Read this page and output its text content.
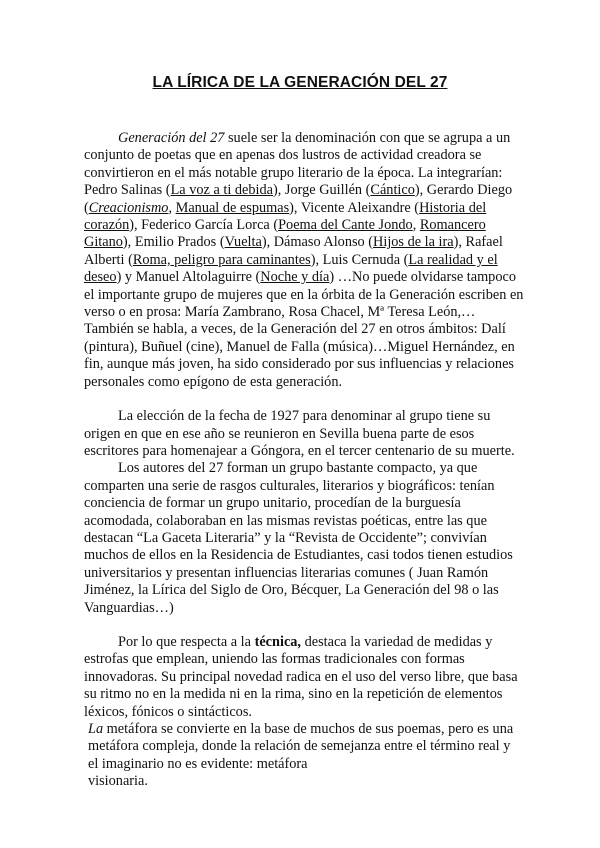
LA LÍRICA DE LA GENERACIÓN DEL 27

Generación del 27 suele ser la denominación con que se agrupa a un conjunto de poetas que en apenas dos lustros de actividad creadora se convirtieron en el más notable grupo literario de la época. La integrarían: Pedro Salinas (La voz a ti debida), Jorge Guillén (Cántico), Gerardo Diego (Creacionismo, Manual de espumas), Vicente Aleixandre (Historia del corazón), Federico García Lorca (Poema del Cante Jondo, Romancero Gitano), Emilio Prados (Vuelta), Dámaso Alonso (Hijos de la ira), Rafael Alberti (Roma, peligro para caminantes), Luis Cernuda (La realidad y el deseo) y Manuel Altolaguirre (Noche y día) …No puede olvidarse tampoco el importante grupo de mujeres que en la órbita de la Generación escriben en verso o en prosa: María Zambrano, Rosa Chacel, Mª Teresa León,…También se habla, a veces, de la Generación del 27 en otros ámbitos: Dalí (pintura), Buñuel (cine), Manuel de Falla (música)…Miguel Hernández, en fin, aunque más joven, ha sido considerado por sus influencias y relaciones personales como epígono de esta generación.

La elección de la fecha de 1927 para denominar al grupo tiene su origen en que en ese año se reunieron en Sevilla buena parte de esos escritores para homenajear a Góngora, en el tercer centenario de su muerte.

Los autores del 27 forman un grupo bastante compacto, ya que comparten una serie de rasgos culturales, literarios y biográficos: tenían conciencia de formar un grupo unitario, procedían de la burguesía acomodada, colaboraban en las mismas revistas poéticas, entre las que destacan “La Gaceta Literaria” y la “Revista de Occidente”; convivían muchos de ellos en la Residencia de Estudiantes, casi todos tienen estudios universitarios y presentan influencias literarias comunes ( Juan Ramón Jiménez, la Lírica del Siglo de Oro, Bécquer, La Generación del 98 o las Vanguardias…)

Por lo que respecta a la técnica, destaca la variedad de medidas y estrofas que emplean, uniendo las formas tradicionales con formas innovadoras. Su principal novedad radica en el uso del verso libre, que basa su ritmo no en la medida ni en la rima, sino en la repetición de elementos léxicos, fónicos o sintácticos.

La metáfora se convierte en la base de muchos de sus poemas, pero es una metáfora compleja, donde la relación de semejanza entre el término real y el imaginario no es evidente: metáfora
visionaria.
